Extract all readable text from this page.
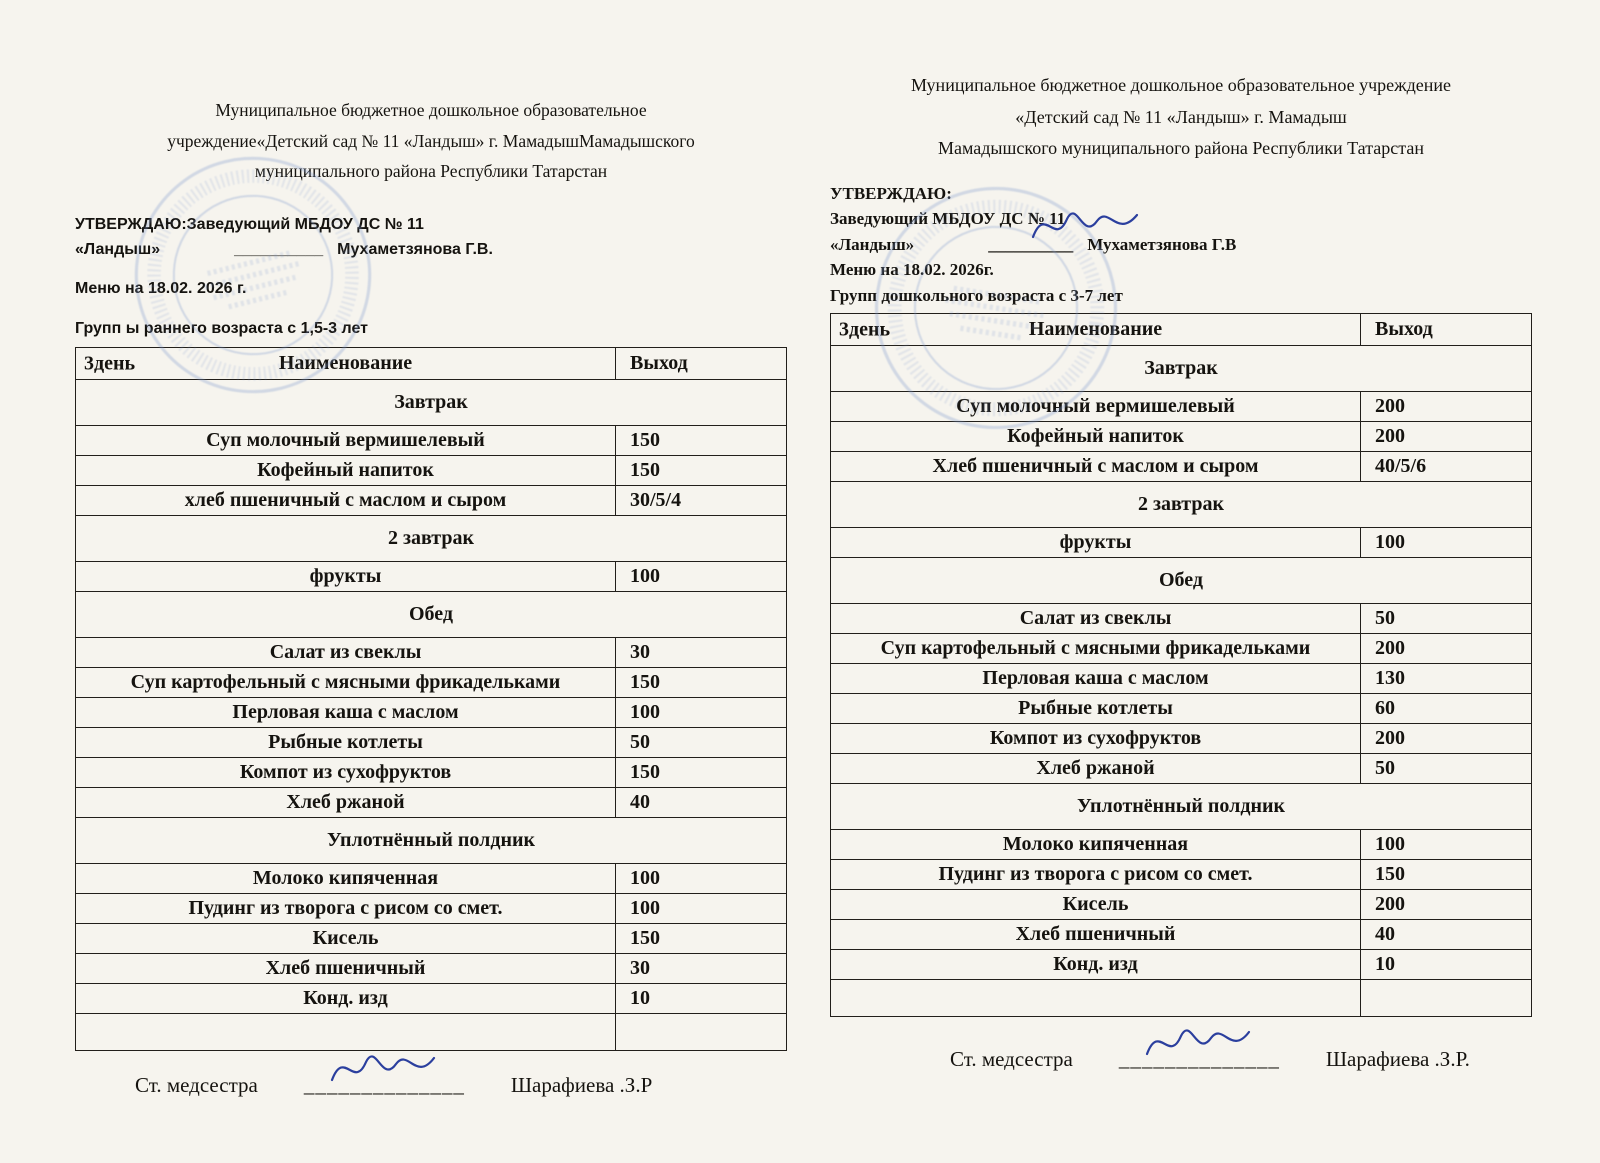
Муниципальное бюджетное дошкольное образовательное
учреждение«Детский сад № 11 «Ландыш» г. МамадышМамадышского
муниципального района Республики Татарстан
УТВЕРЖДАЮ:Заведующий МБДОУ ДС № 11
«Ландыш»	__________ Мухаметзянова Г.В.
Меню на 18.02. 2026 г.
Групп ы раннего возраста с 1,5-3 лет
3день Наименование	Выход
Завтрак	
Суп молочный вермишелевый	150
Кофейный напиток	150
хлеб пшеничный с маслом и сыром	30/5/4
2 завтрак	
фрукты	100
Обед	
Салат из свеклы	30
Суп картофельный с мясными фрикадельками	150
Перловая каша с маслом	100
Рыбные котлеты	50
Компот из сухофруктов	150
Хлеб ржаной	40
Уплотнённый полдник	
Молоко кипяченная	100
Пудинг из творога с рисом со смет.	100
Кисель	150
Хлеб пшеничный	30
Конд. изд	10

Ст. медсестра ______________ Шарафиева .З.Р
Муниципальное бюджетное дошкольное образовательное учреждение
«Детский сад № 11 «Ландыш» г. Мамадыш
Мамадышского муниципального района Республики Татарстан
УТВЕРЖДАЮ:
Заведующий МБДОУ ДС № 11
«Ландыш»	__________ Мухаметзянова Г.В
Меню на 18.02. 2026г.
Групп дошкольного возраста с 3-7 лет
3день Наименование	Выход
Завтрак	
Суп молочный вермишелевый	200
Кофейный напиток	200
Хлеб пшеничный с маслом и сыром	40/5/6
2 завтрак	
фрукты	100
Обед	
Салат из свеклы	50
Суп картофельный с мясными фрикадельками	200
Перловая каша с маслом	130
Рыбные котлеты	60
Компот из сухофруктов	200
Хлеб ржаной	50
Уплотнённый полдник	
Молоко кипяченная	100
Пудинг из творога с рисом со смет.	150
Кисель	200
Хлеб пшеничный	40
Конд. изд	10

Ст. медсестра ______________ Шарафиева .З.Р.
